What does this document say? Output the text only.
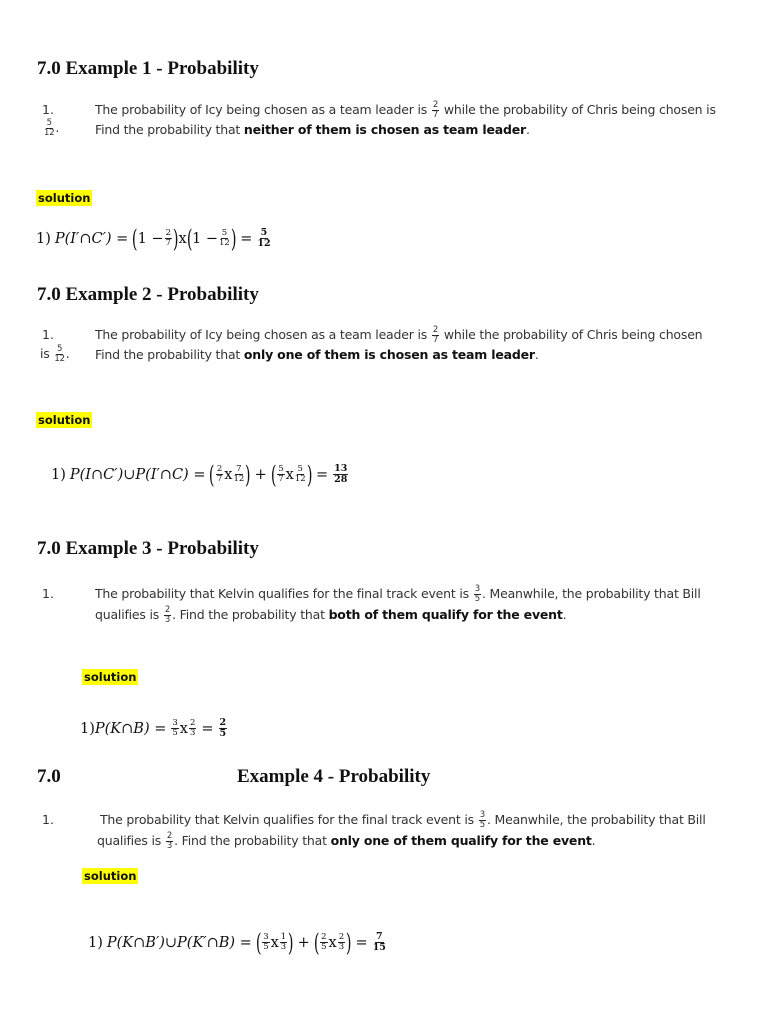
7.0 Example 1 - Probability
1.	The probability of Icy being chosen as a team leader is $\frac{2}{7}$ while the probability of Chris being chosen is
$\frac{5}{12}$ .	Find the probability that neither of them is chosen as team leader.
solution
1) P(I′∩C′) = ( $1 - \frac{2}{7}$ ) x ( $1 - \frac{5}{12}$ ) = 5
12
7.0 Example 2 - Probability
1.	The probability of Icy being chosen as a team leader is $\frac{2}{7}$ while the probability of Chris being chosen
is $\frac{5}{12}$ . Find the probability that only one of them is chosen as team leader.
solution
1) P(I∩C′)∪P(I′∩C) = ( 2
7 x 7
12 ) + ( 5
7 x 5
12 ) = 13
28
7.0 Example 3 - Probability
1.	The probability that Kelvin qualifies for the final track event is $\frac{3}{5}$ . Meanwhile, the probability that Bill
qualifies is $\frac{2}{3}$ . Find the probability that both of them qualify for the event.
solution
1) P(K∩B) = 3
5 x 2
3 = 2
5
7.0	Example 4 - Probability
1.	The probability that Kelvin qualifies for the final track event is $\frac{3}{5}$ . Meanwhile, the probability that Bill
qualifies is $\frac{2}{3}$ . Find the probability that only one of them qualify for the event.
solution
1) P(K∩B′)∪P(K′∩B) = ( 3
5 x 1
3 ) + ( 2
5 x 2
3 ) = 7
15
